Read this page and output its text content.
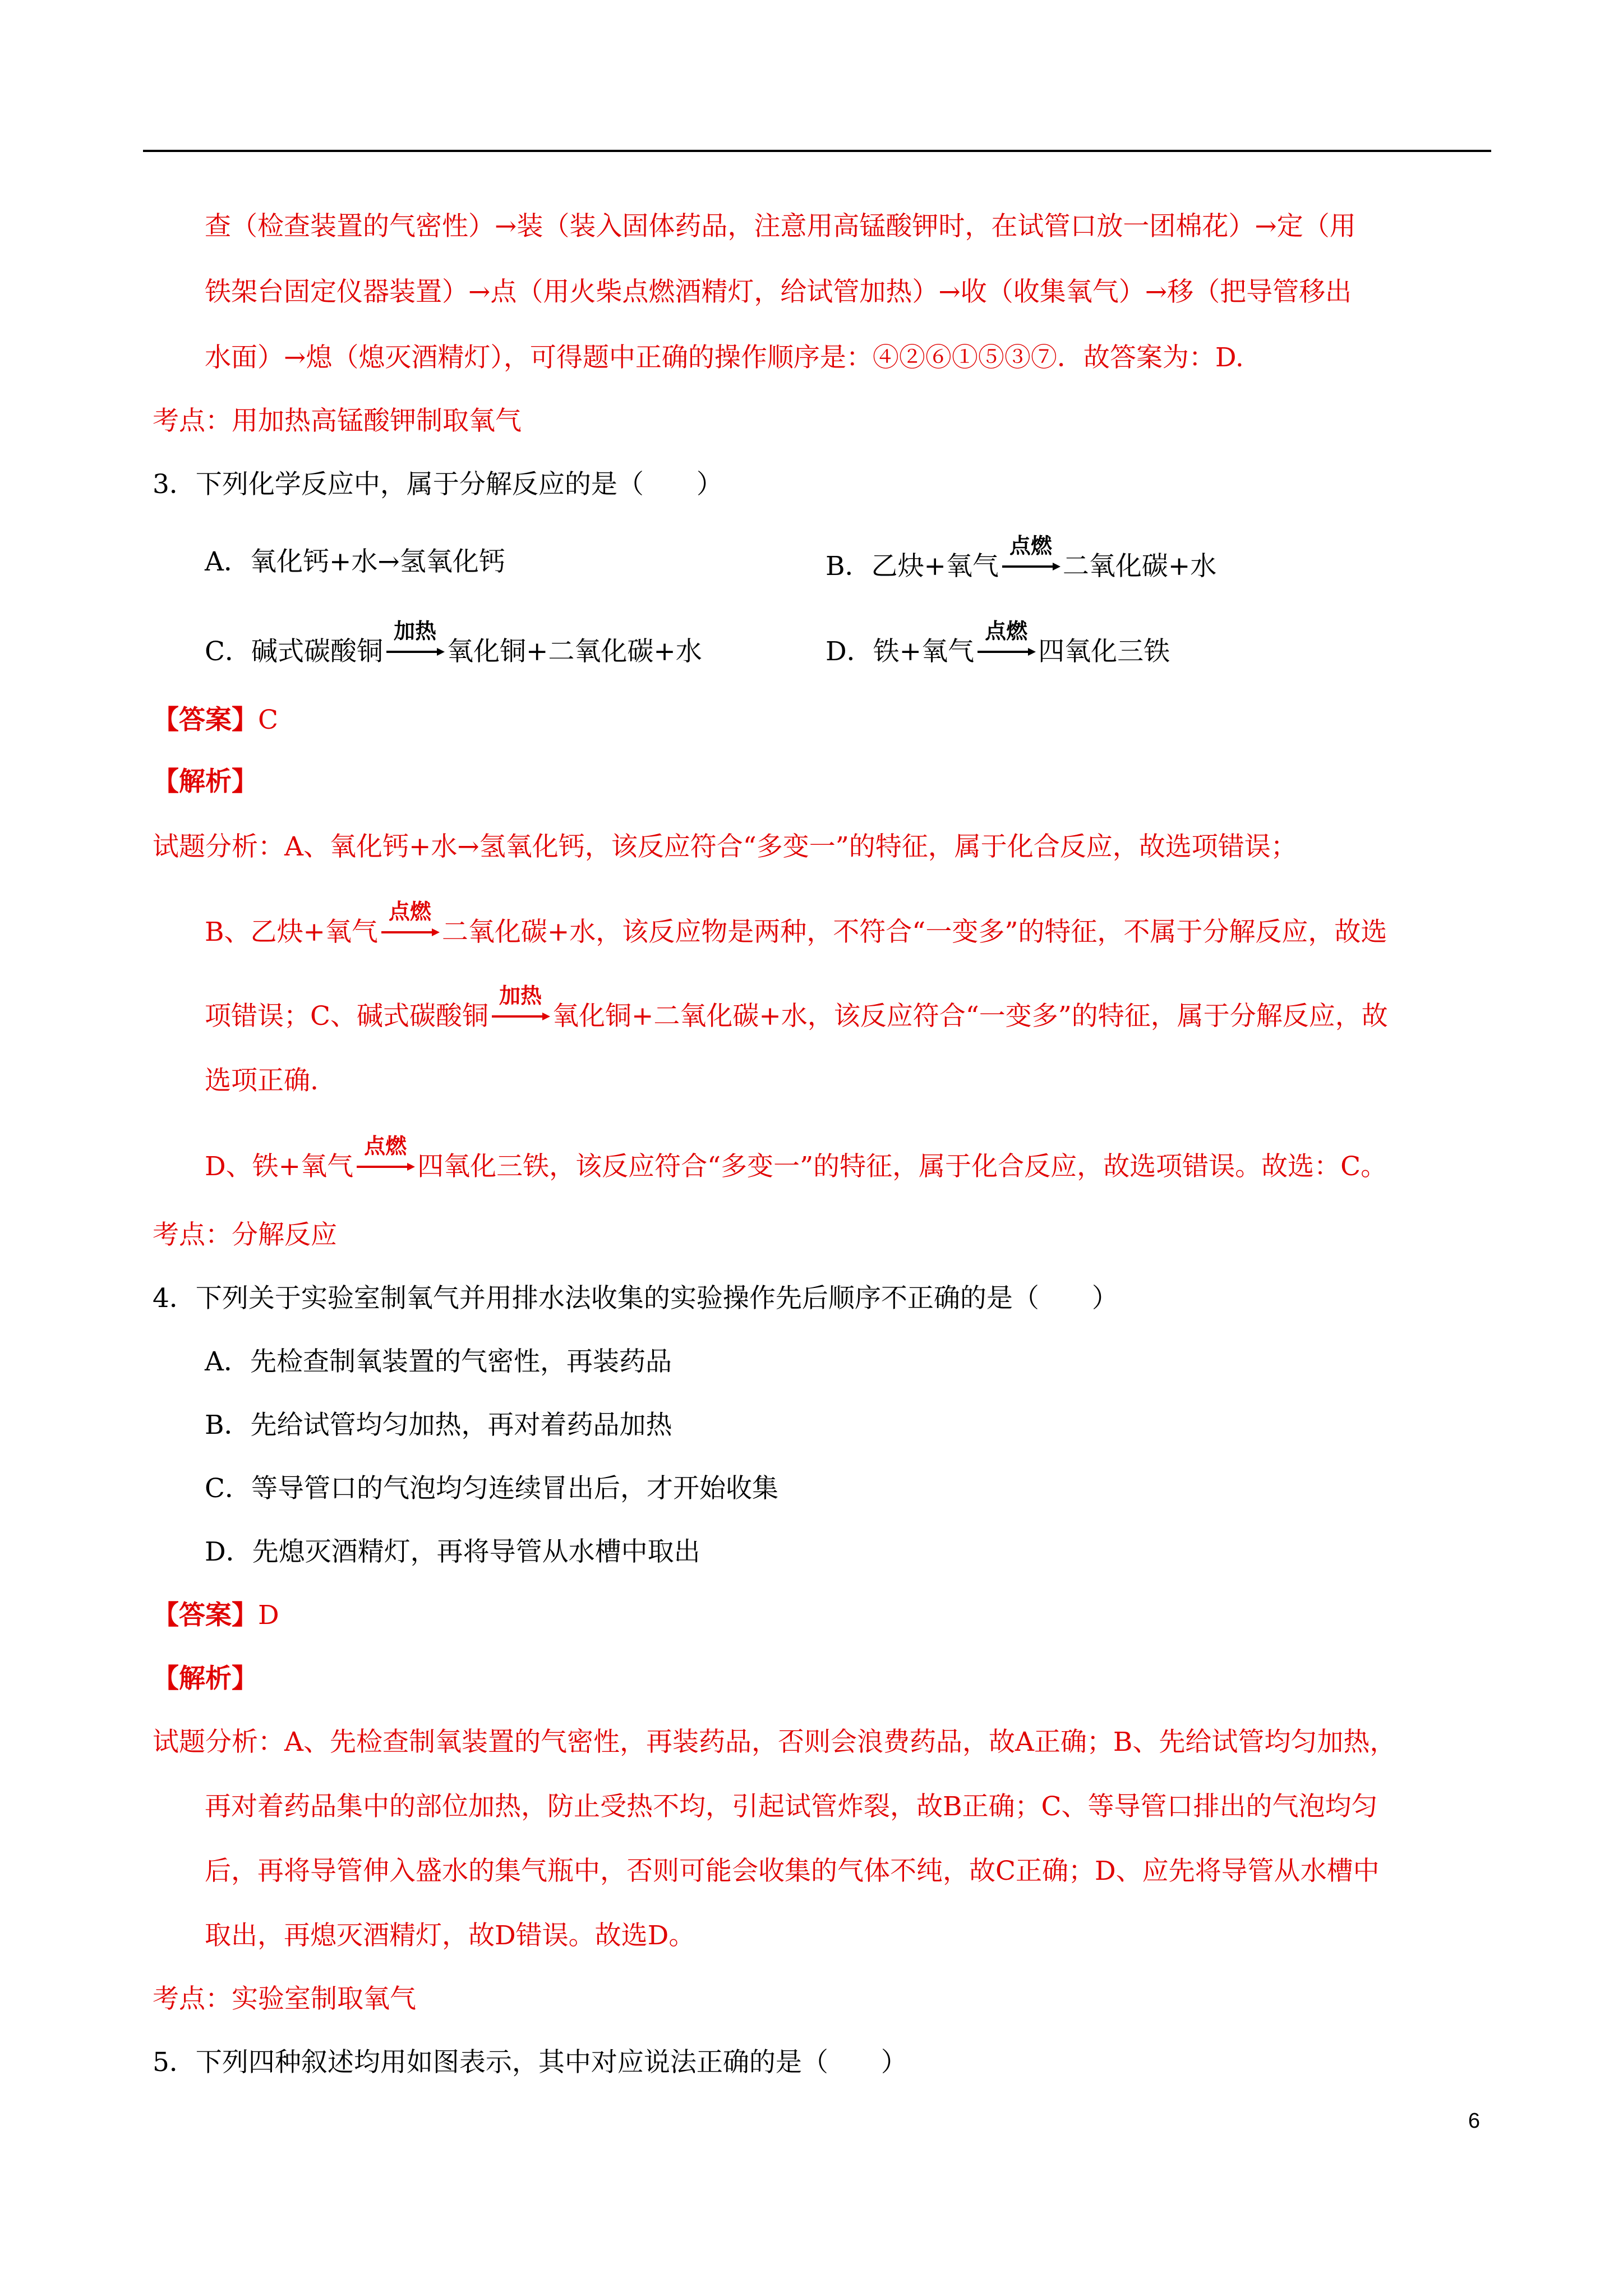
查（检查装置的气密性）→装（装入固体药品，注意用高锰酸钾时，在试管口放一团棉花）→定（用
铁架台固定仪器装置）→点（用火柴点燃酒精灯，给试管加热）→收（收集氧气）→移（把导管移出
水面）→熄（熄灭酒精灯），可得题中正确的操作顺序是：④②⑥①⑤③⑦．故答案为：D.
考点：用加热高锰酸钾制取氧气
3．下列化学反应中，属于分解反应的是（　　）
A．氧化钙+水→氢氧化钙	B．乙炔+氧气
点燃
二氧化碳+水
C．碱式碳酸铜
加热
氧化铜+二氧化碳+水	D．铁+氧气
点燃
四氧化三铁
【答案】C
【解析】
试题分析：A、氧化钙+水→氢氧化钙，该反应符合“多变一”的特征，属于化合反应，故选项错误；
B、乙炔+氧气
点燃
二氧化碳+水，该反应物是两种，不符合“一变多”的特征，不属于分解反应，故选
项错误；C、碱式碳酸铜
加热
氧化铜+二氧化碳+水，该反应符合“一变多”的特征，属于分解反应，故
选项正确.
D、铁+氧气
点燃
四氧化三铁，该反应符合“多变一”的特征，属于化合反应，故选项错误。故选：C。
考点：分解反应
4．下列关于实验室制氧气并用排水法收集的实验操作先后顺序不正确的是（　　）
A．先检查制氧装置的气密性，再装药品
B．先给试管均匀加热，再对着药品加热
C．等导管口的气泡均匀连续冒出后，才开始收集
D．先熄灭酒精灯，再将导管从水槽中取出
【答案】D
【解析】
试题分析：A、先检查制氧装置的气密性，再装药品，否则会浪费药品，故A正确；B、先给试管均匀加热，
再对着药品集中的部位加热，防止受热不均，引起试管炸裂，故B正确；C、等导管口排出的气泡均匀
后，再将导管伸入盛水的集气瓶中，否则可能会收集的气体不纯，故C正确；D、应先将导管从水槽中
取出，再熄灭酒精灯，故D错误。故选D。
考点：实验室制取氧气
5．下列四种叙述均用如图表示，其中对应说法正确的是（　　）
6
